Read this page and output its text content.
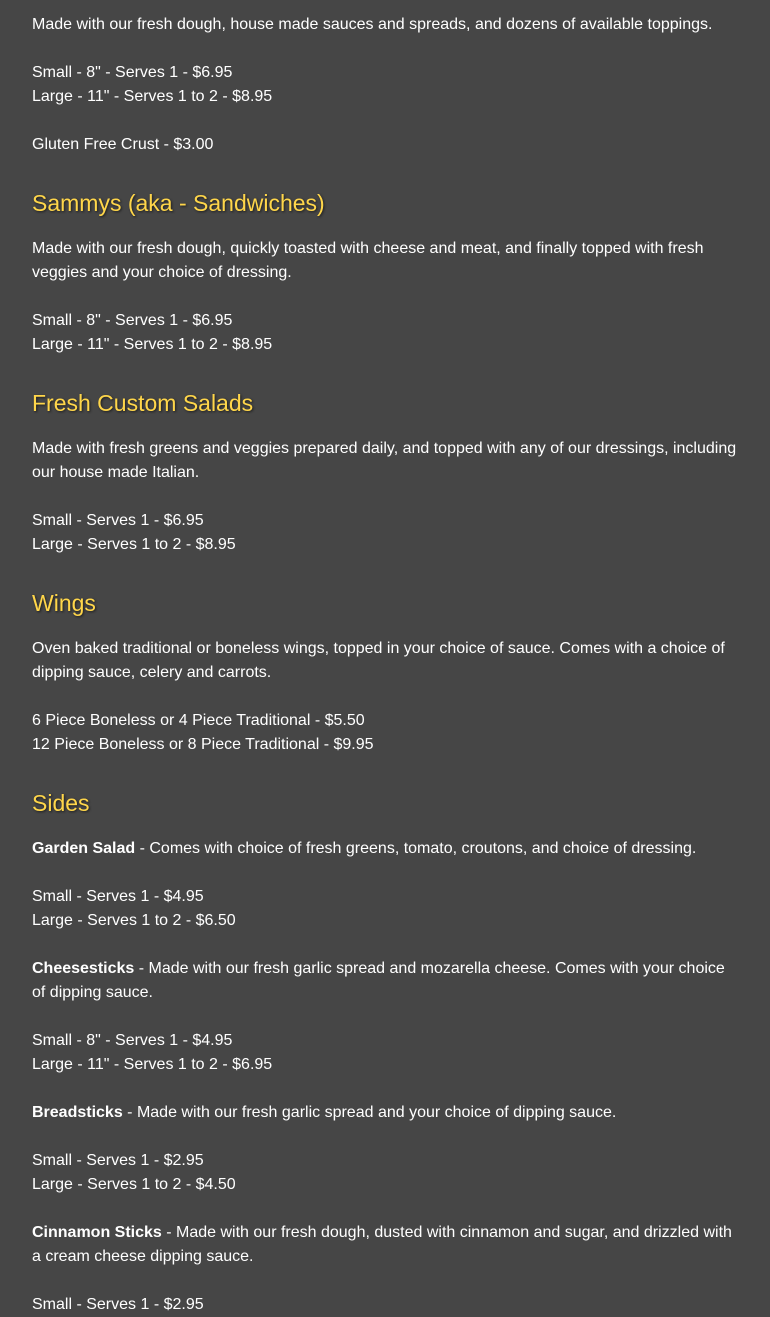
Made with our fresh dough, house made sauces and spreads, and dozens of available toppings.

Small - 8" - Serves 1 - $6.95

Large - 11" - Serves 1 to 2 - $8.95

Gluten Free Crust - $3.00

Sammys (aka - Sandwiches)

Made with our fresh dough, quickly toasted with cheese and meat, and finally topped with fresh veggies and your choice of dressing.

Small - 8" - Serves 1 - $6.95

Large - 11" - Serves 1 to 2 - $8.95

Fresh Custom Salads

Made with fresh greens and veggies prepared daily, and topped with any of our dressings, including our house made Italian.

Small - Serves 1 - $6.95

Large - Serves 1 to 2 - $8.95

Wings

Oven baked traditional or boneless wings, topped in your choice of sauce. Comes with a choice of dipping sauce, celery and carrots.

6 Piece Boneless or 4 Piece Traditional - $5.50

12 Piece Boneless or 8 Piece Traditional - $9.95

Sides

Garden Salad - Comes with choice of fresh greens, tomato, croutons, and choice of dressing.

Small - Serves 1 - $4.95

Large - Serves 1 to 2 - $6.50

Cheesesticks - Made with our fresh garlic spread and mozarella cheese. Comes with your choice of dipping sauce.

Small - 8" - Serves 1 - $4.95

Large - 11" - Serves 1 to 2 - $6.95

Breadsticks - Made with our fresh garlic spread and your choice of dipping sauce.

Small - Serves 1 - $2.95

Large - Serves 1 to 2 - $4.50

Cinnamon Sticks - Made with our fresh dough, dusted with cinnamon and sugar, and drizzled with a cream cheese dipping sauce.

Small - Serves 1 - $2.95
